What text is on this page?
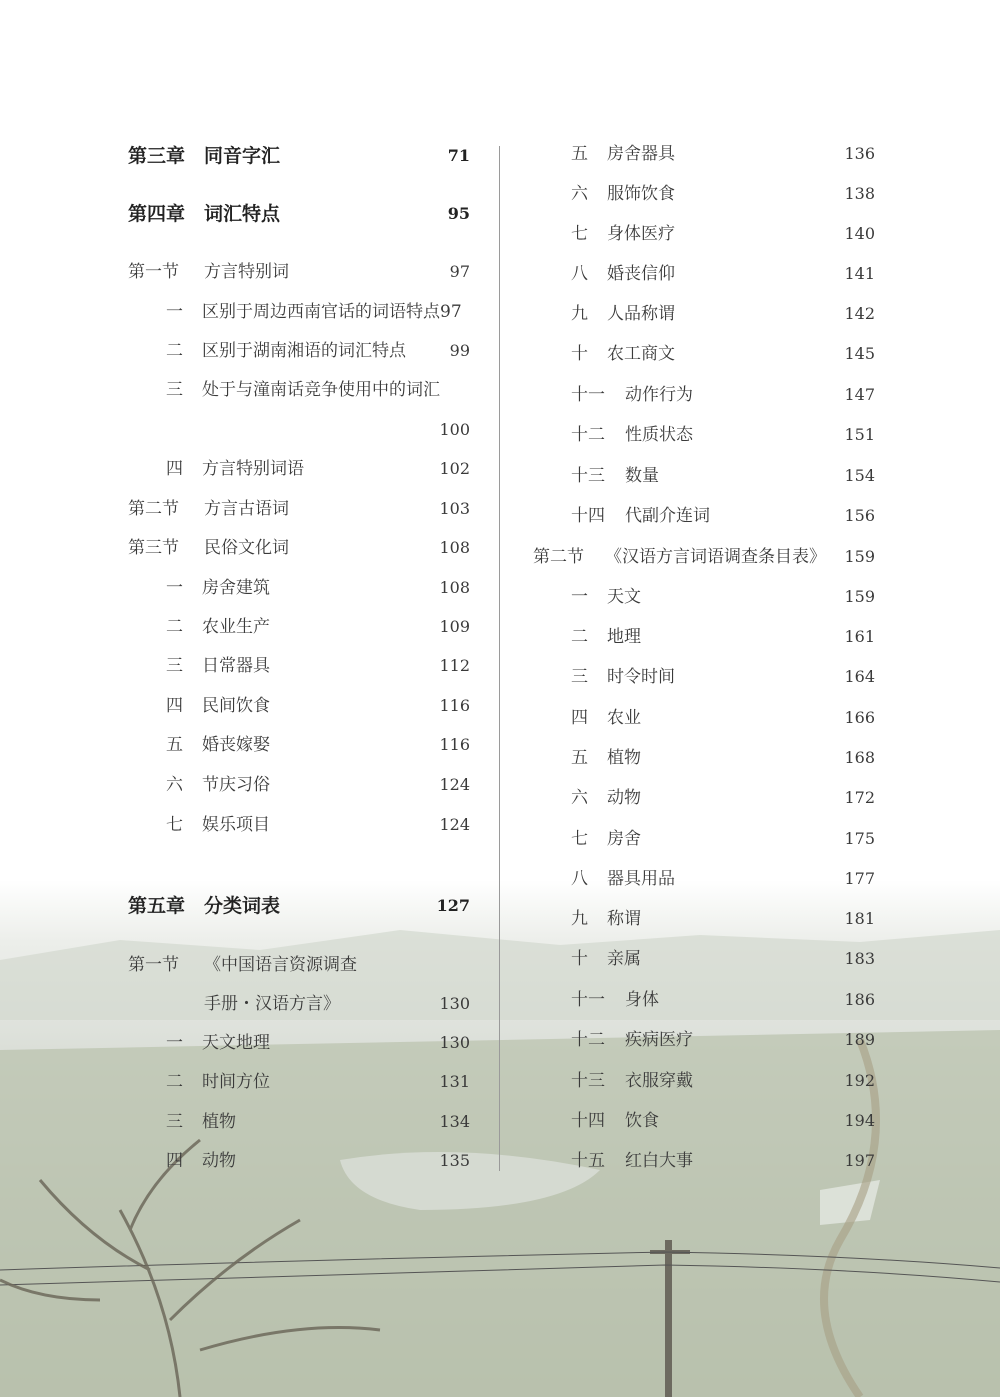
第三章 同音字汇	71
第四章 词汇特点	95
第一节 方言特别词	97
一 区别于周边西南官话的词语特点97
二 区别于湖南湘语的词汇特点	99
三 处于与潼南话竞争使用中的词汇
100
四 方言特别词语	102
第二节 方言古语词	103
第三节 民俗文化词	108
一 房舍建筑	108
二 农业生产	109
三 日常器具	112
四 民间饮食	116
五 婚丧嫁娶	116
六 节庆习俗	124
七 娱乐项目	124
第五章 分类词表	127
第一节 《中国语言资源调查
手册・汉语方言》	130
一 天文地理	130
二 时间方位	131
三 植物	134
四 动物	135
五 房舍器具	136
六 服饰饮食	138
七 身体医疗	140
八 婚丧信仰	141
九 人品称谓	142
十 农工商文	145
十一 动作行为	147
十二 性质状态	151
十三 数量	154
十四 代副介连词	156
第二节 《汉语方言词语调查条目表》 159
一 天文	159
二 地理	161
三 时令时间	164
四 农业	166
五 植物	168
六 动物	172
七 房舍	175
八 器具用品	177
九 称谓	181
十 亲属	183
十一 身体	186
十二 疾病医疗	189
十三 衣服穿戴	192
十四 饮食	194
十五 红白大事	197
